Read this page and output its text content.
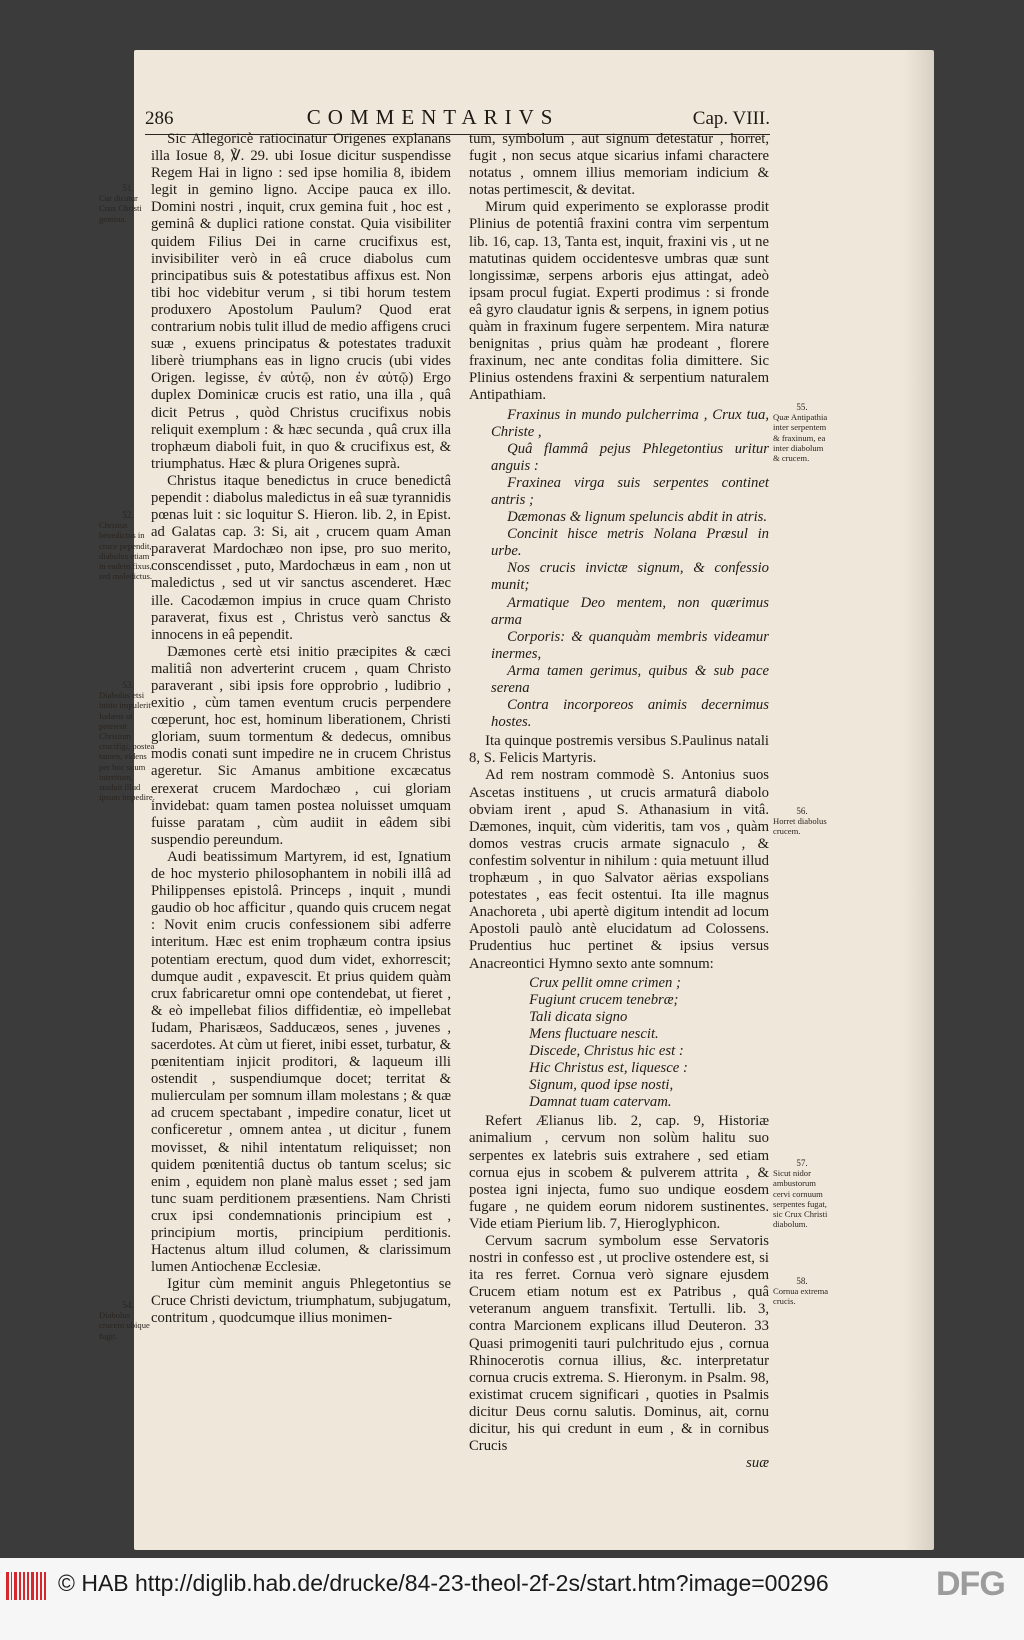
286	COMMENTARIVS	Cap. VIII.
51.
Cur dicatur Crux Christi gemina.
52.
Christus benedictus in cruce pependit, diabolus etiam in eadem fixus, sed maledictus.
53.
Diabolus etsi initio impulerit Iudæos ut peterent Christum crucifigi, postea tamen, videns per hoc suum interitum, studuit illud ipsum impedire.
54.
Diabolus crucem ubique fugit.

Sic Allegoricè ratiocinatur Origenes explanans illa Iosue 8, ℣. 29. ubi Iosue dicitur suspendisse Regem Hai in ligno : sed ipse homilia 8, ibidem legit in gemino ligno. Accipe pauca ex illo. Domini nostri , inquit, crux gemina fuit , hoc est , geminâ & duplici ratione constat. Quia visibiliter quidem Filius Dei in carne crucifixus est, invisibiliter verò in eâ cruce diabolus cum principatibus suis & potestatibus affixus est. Non tibi hoc videbitur verum , si tibi horum testem produxero Apostolum Paulum? Quod erat contrarium nobis tulit illud de medio affigens cruci suæ , exuens principatus & potestates traduxit liberè triumphans eas in ligno crucis (ubi vides Origen. legisse, ἐν αὐτῷ, non ἐν αὐτῷ) Ergo duplex Dominicæ crucis est ratio, una illa , quâ dicit Petrus , quòd Christus crucifixus nobis reliquit exemplum : & hæc secunda , quâ crux illa trophæum diaboli fuit, in quo & crucifixus est, & triumphatus. Hæc & plura Origenes suprà.

Christus itaque benedictus in cruce benedictâ pependit : diabolus maledictus in eâ suæ tyrannidis pœnas luit : sic loquitur S. Hieron. lib. 2, in Epist. ad Galatas cap. 3: Si, ait , crucem quam Aman paraverat Mardochæo non ipse, pro suo merito, conscendisset , puto, Mardochæus in eam , non ut maledictus , sed ut vir sanctus ascenderet. Hæc ille. Cacodæmon impius in cruce quam Christo paraverat, fixus est , Christus verò sanctus & innocens in eâ pependit.

Dæmones certè etsi initio præcipites & cæci malitiâ non adverterint crucem , quam Christo paraverant , sibi ipsis fore opprobrio , ludibrio , exitio , cùm tamen eventum crucis perpendere cœperunt, hoc est, hominum liberationem, Christi gloriam, suum tormentum & dedecus, omnibus modis conati sunt impedire ne in crucem Christus ageretur. Sic Amanus ambitione excæcatus erexerat crucem Mardochæo , cui gloriam invidebat: quam tamen postea noluisset umquam fuisse paratam , cùm audiit in eâdem sibi suspendio pereundum.

Audi beatissimum Martyrem, id est, Ignatium de hoc mysterio philosophantem in nobili illâ ad Philippenses epistolâ. Princeps , inquit , mundi gaudio ob hoc afficitur , quando quis crucem negat : Novit enim crucis confessionem sibi adferre interitum. Hæc est enim trophæum contra ipsius potentiam erectum, quod dum videt, exhorrescit; dumque audit , expavescit. Et prius quidem quàm crux fabricaretur omni ope contendebat, ut fieret , & eò impellebat filios diffidentiæ, eò impellebat Iudam, Pharisæos, Sadducæos, senes , juvenes , sacerdotes. At cùm ut fieret, inibi esset, turbatur, & pœnitentiam injicit proditori, & laqueum illi ostendit , suspendiumque docet; territat & mulierculam per somnum illam molestans ; & quæ ad crucem spectabant , impedire conatur, licet ut conficeretur , omnem antea , ut dicitur , funem movisset, & nihil intentatum reliquisset; non quidem pœnitentiâ ductus ob tantum scelus; sic enim , equidem non planè malus esset ; sed jam tunc suam perditionem præsentiens. Nam Christi crux ipsi condemnationis principium est , principium mortis, principium perditionis. Hactenus altum illud columen, & clarissimum lumen Antiochenæ Ecclesiæ.

Igitur cùm meminit anguis Phlegetontius se Cruce Christi devictum, triumphatum, subjugatum, contritum , quodcumque illius monimen-

tum, symbolum , aut signum detestatur , horret, fugit , non secus atque sicarius infami charactere notatus , omnem illius memoriam indicium & notas pertimescit, & devitat.

Mirum quid experimento se explorasse prodit Plinius de potentiâ fraxini contra vim serpentum lib. 16, cap. 13, Tanta est, inquit, fraxini vis , ut ne matutinas quidem occidentesve umbras quæ sunt longissimæ, serpens arboris ejus attingat, adeò ipsam procul fugiat. Experti prodimus : si fronde eâ gyro claudatur ignis & serpens, in ignem potius quàm in fraxinum fugere serpentem. Mira naturæ benignitas , prius quàm hæ prodeant , florere fraxinum, nec ante conditas folia dimittere. Sic Plinius ostendens fraxini & serpentium naturalem Antipathiam.

Fraxinus in mundo pulcherrima , Crux tua, Christe ,

Quâ flammâ pejus Phlegetontius uritur anguis :

Fraxinea virga suis serpentes continet antris ;

Dæmonas & lignum speluncis abdit in atris.

Concinit hisce metris Nolana Præsul in urbe.

Nos crucis invictæ signum, & confessio munit;

Armatique Deo mentem, non quærimus arma

Corporis: & quanquàm membris videamur inermes,

Arma tamen gerimus, quibus & sub pace serena

Contra incorporeos animis decernimus hostes.

Ita quinque postremis versibus S.Paulinus natali 8, S. Felicis Martyris.

Ad rem nostram commodè S. Antonius suos Ascetas instituens , ut crucis armaturâ diabolo obviam irent , apud S. Athanasium in vitâ. Dæmones, inquit, cùm videritis, tam vos , quàm domos vestras crucis armate signaculo , & confestim solventur in nihilum : quia metuunt illud trophæum , in quo Salvator aërias exspolians potestates , eas fecit ostentui. Ita ille magnus Anachoreta , ubi apertè digitum intendit ad locum Apostoli paulò antè elucidatum ad Colossens. Prudentius huc pertinet & ipsius versus Anacreontici Hymno sexto ante somnum:

Crux pellit omne crimen ;

Fugiunt crucem tenebræ;

Tali dicata signo

Mens fluctuare nescit.

Discede, Christus hic est :

Hic Christus est, liquesce :

Signum, quod ipse nosti,

Damnat tuam catervam.

Refert Ælianus lib. 2, cap. 9, Historiæ animalium , cervum non solùm halitu suo serpentes ex latebris suis extrahere , sed etiam cornua ejus in scobem & pulverem attrita , & postea igni injecta, fumo suo undique eosdem fugare , ne quidem eorum nidorem sustinentes. Vide etiam Pierium lib. 7, Hieroglyphicon.

Cervum sacrum symbolum esse Servatoris nostri in confesso est , ut proclive ostendere est, si ita res ferret. Cornua verò signare ejusdem Crucem etiam notum est ex Patribus , quâ veteranum anguem transfixit. Tertulli. lib. 3, contra Marcionem explicans illud Deuteron. 33 Quasi primogeniti tauri pulchritudo ejus , cornua Rhinocerotis cornua illius, &c. interpretatur cornua crucis extrema. S. Hieronym. in Psalm. 98, existimat crucem significari , quoties in Psalmis dicitur Deus cornu salutis. Dominus, ait, cornu dicitur, his qui credunt in eum , & in cornibus Crucis

suæ

55.
Quæ Antipathia inter serpentem & fraxinum, ea inter diabolum & crucem.
56.
Horret diabolus crucem.
57.
Sicut nidor ambustorum cervi cornuum serpentes fugat, sic Crux Christi diabolum.
58.
Cornua extrema crucis.
© HAB http://diglib.hab.de/drucke/84-23-theol-2f-2s/start.htm?image=00296	DFG
